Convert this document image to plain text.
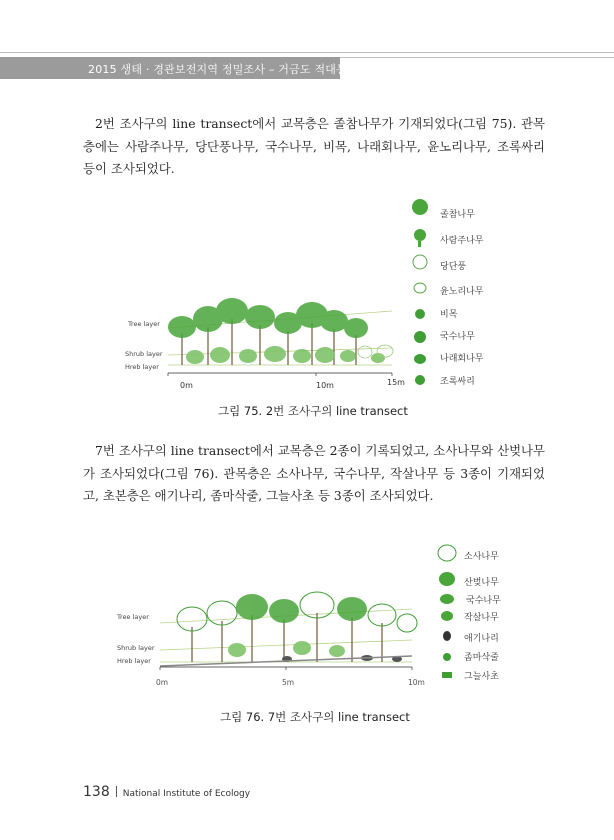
2015 생태 · 경관보전지역 정밀조사 – 거금도 적대봉

2번 조사구의 line transect에서 교목층은 졸참나무가 기재되었다(그림 75). 관목층에는 사람주나무, 당단풍나무, 국수나무, 비목, 나래회나무, 윤노리나무, 조록싸리 등이 조사되었다.

Tree layer
Shrub layer
Hreb layer
0m	10m	15m
졸참나무
사람주나무
당단풍
윤노리나무
비목
국수나무
나래회나무
조록싸리
그림 75. 2번 조사구의 line transect

7번 조사구의 line transect에서 교목층은 2종이 기록되었고, 소사나무와 산벚나무가 조사되었다(그림 76). 관목층은 소사나무, 국수나무, 작살나무 등 3종이 기재되었고, 초본층은 애기나리, 좀마삭줄, 그늘사초 등 3종이 조사되었다.

Tree layer
Shrub layer
Hreb layer
0m	5m	10m
소사나무
산벚나무
국수나무
작살나무
애기나리
좀마삭줄
그늘사초
그림 76. 7번 조사구의 line transect
138 National Institute of Ecology
